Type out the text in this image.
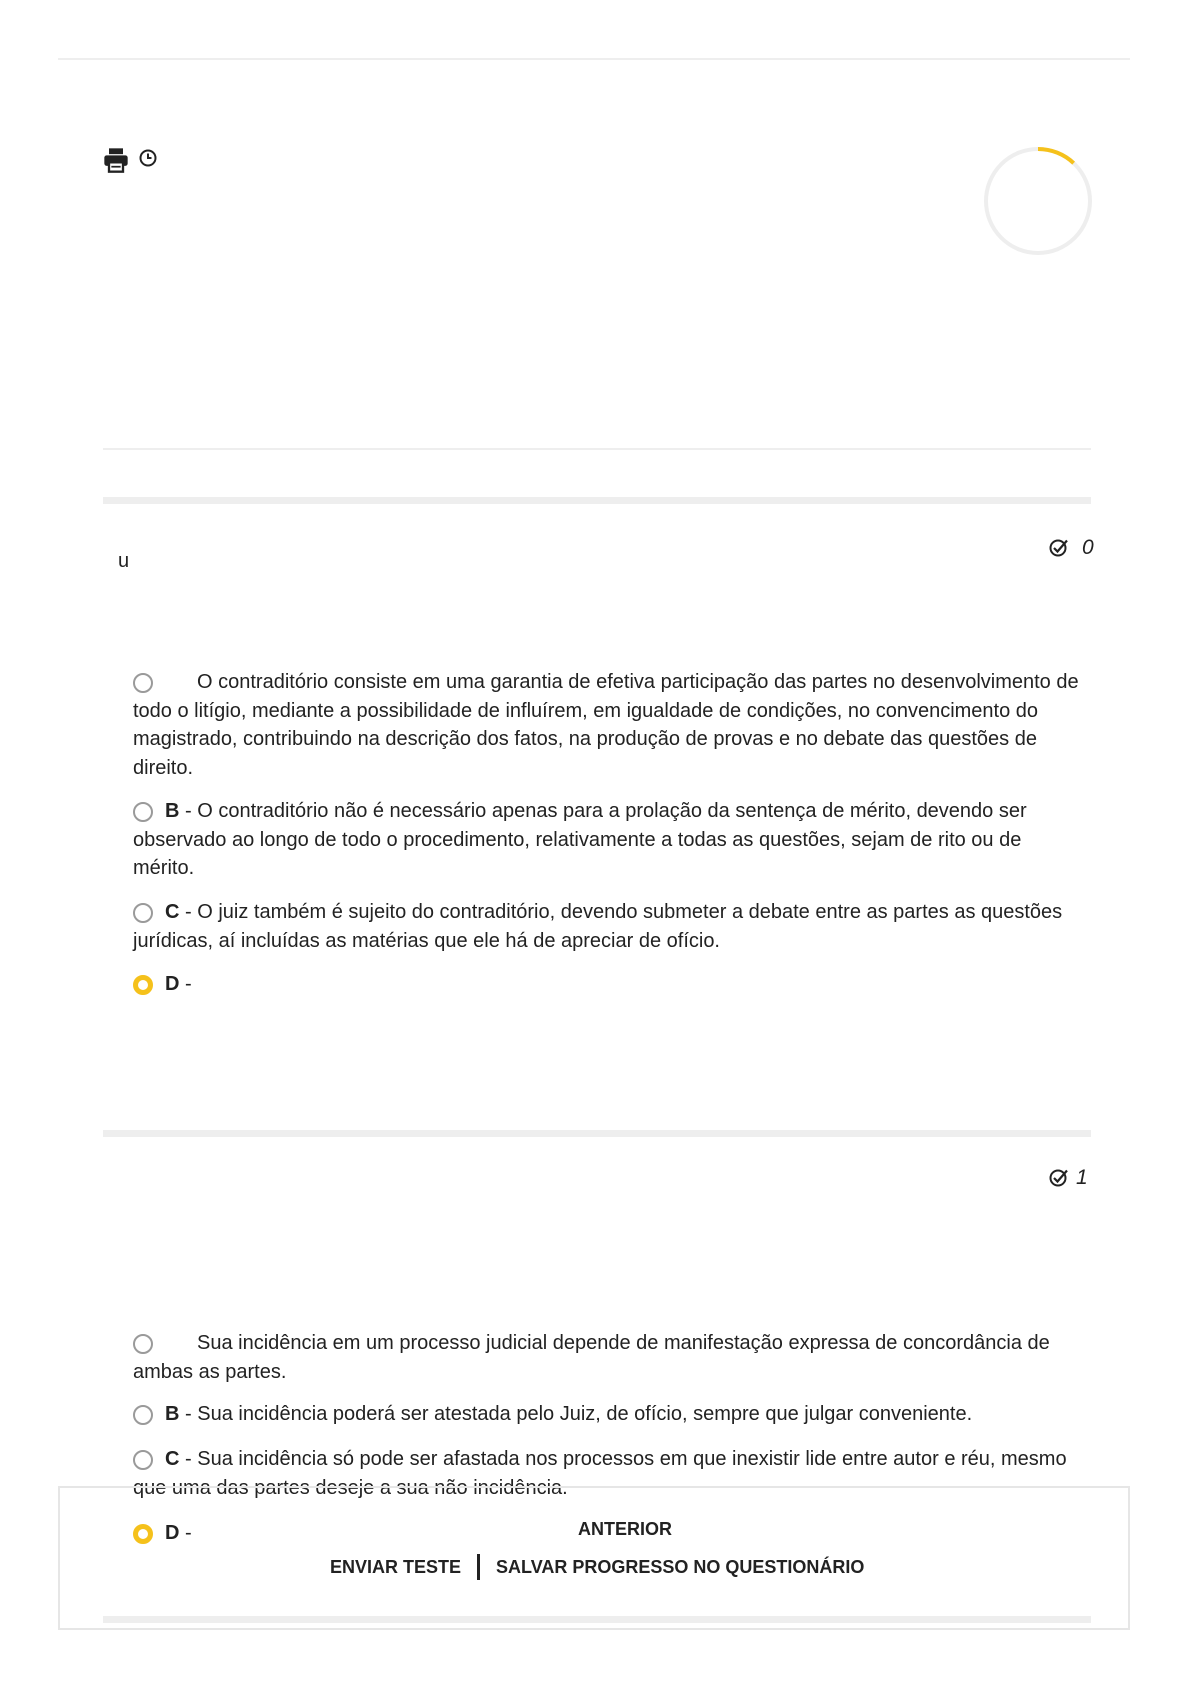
0
u
O contraditório consiste em uma garantia de efetiva participação das partes no desenvolvimento de todo o litígio, mediante a possibilidade de influírem, em igualdade de condições, no convencimento do magistrado, contribuindo na descrição dos fatos, na produção de provas e no debate das questões de direito.
B - O contraditório não é necessário apenas para a prolação da sentença de mérito, devendo ser observado ao longo de todo o procedimento, relativamente a todas as questões, sejam de rito ou de mérito.
C - O juiz também é sujeito do contraditório, devendo submeter a debate entre as partes as questões jurídicas, aí incluídas as matérias que ele há de apreciar de ofício.
D -
1
Sua incidência em um processo judicial depende de manifestação expressa de concordância de ambas as partes.
B - Sua incidência poderá ser atestada pelo Juiz, de ofício, sempre que julgar conveniente.
C - Sua incidência só pode ser afastada nos processos em que inexistir lide entre autor e réu, mesmo que uma das partes deseje a sua não incidência.
D -	ANTERIOR
ENVIAR TESTE SALVAR PROGRESSO NO QUESTIONÁRIO
